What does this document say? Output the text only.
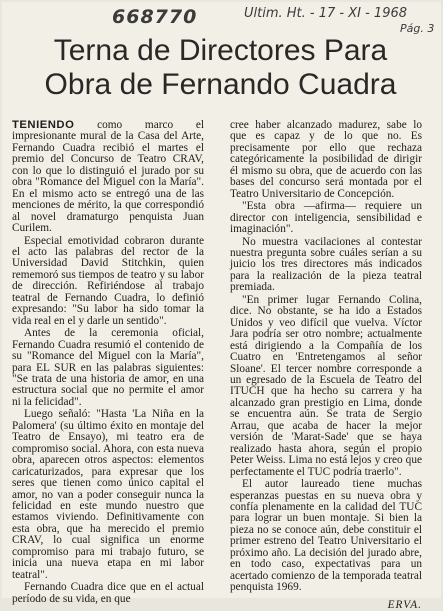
668770	Ultim. Ht. - 17 - XI - 1968
Pág. 3
Terna de Directores Para
Obra de Fernando Cuadra

TENIENDO como marco el impresionante mural de la Casa del Arte, Fernando Cuadra recibió el martes el premio del Concurso de Teatro CRAV, con lo que lo distinguió el jurado por su obra "Romance del Miguel con la María". En el mismo acto se entregó una de las menciones de mérito, la que correspondió al novel dramaturgo penquista Juan Curilem.

Especial emotividad cobraron durante el acto las palabras del rector de la Universidad David Stitchkin, quien rememoró sus tiempos de teatro y su labor de dirección. Refiriéndose al trabajo teatral de Fernando Cuadra, lo definió expresando: "Su labor ha sido tomar la vida real en el y darle un sentido".

Antes de la ceremonia oficial, Fernando Cuadra resumió el contenido de su "Romance del Miguel con la María", para EL SUR en las palabras siguientes: "Se trata de una historia de amor, en una estructura social que no permite el amor ni la felicidad".

Luego señaló: "Hasta 'La Niña en la Palomera' (su último éxito en montaje del Teatro de Ensayo), mi teatro era de compromiso social. Ahora, con esta nueva obra, aparecen otros aspectos: elementos caricaturizados, para expresar que los seres que tienen como único capital el amor, no van a poder conseguir nunca la felicidad en este mundo nuestro que estamos viviendo. Definitivamente con esta obra, que ha merecido el premio CRAV, lo cual significa un enorme compromiso para mi trabajo futuro, se inicia una nueva etapa en mi labor teatral".

Fernando Cuadra dice que en el actual período de su vida, en que

cree haber alcanzado madurez, sabe lo que es capaz y de lo que no. Es precisamente por ello que rechaza categóricamente la posibilidad de dirigir él mismo su obra, que de acuerdo con las bases del concurso será montada por el Teatro Universitario de Concepción.

"Esta obra —afirma— requiere un director con inteligencia, sensibilidad e imaginación".

No muestra vacilaciones al contestar nuestra pregunta sobre cuáles serían a su juicio los tres directores más indicados para la realización de la pieza teatral premiada.

"En primer lugar Fernando Colina, dice. No obstante, se ha ido a Estados Unidos y veo difícil que vuelva. Víctor Jara podría ser otro nombre; actualmente está dirigiendo a la Compañía de los Cuatro en 'Entretengamos al señor Sloane'. El tercer nombre corresponde a un egresado de la Escuela de Teatro del ITUCH que ha hecho su carrera y ha alcanzado gran prestigio en Lima, donde se encuentra aún. Se trata de Sergio Arrau, que acaba de hacer la mejor versión de 'Marat-Sade' que se haya realizado hasta ahora, según el propio Peter Weiss. Lima no está lejos y creo que perfectamente el TUC podría traerlo".

El autor laureado tiene muchas esperanzas puestas en su nueva obra y confía plenamente en la calidad del TUC para lograr un buen montaje. Si bien la pieza no se conoce aún, debe constituir el primer estreno del Teatro Universitario el próximo año. La decisión del jurado abre, en todo caso, expectativas para un acertado comienzo de la temporada teatral penquista 1969.

ERVA.
